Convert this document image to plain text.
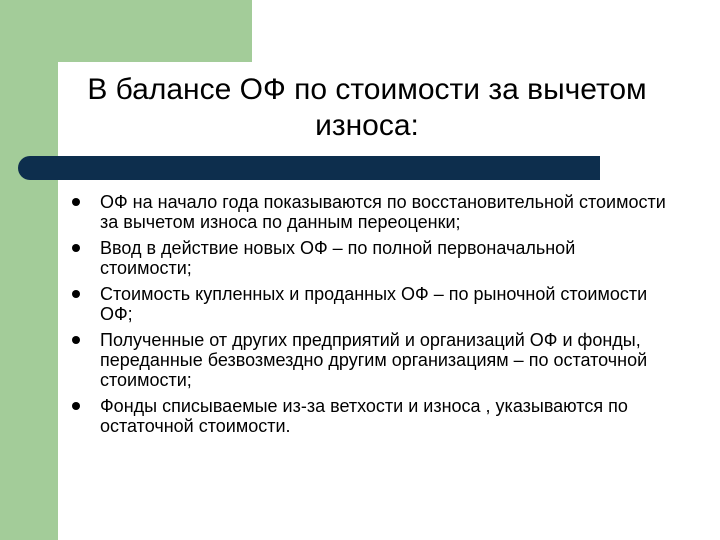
В балансе ОФ по стоимости за вычетом
износа:
ОФ на начало года показываются по восстановительной стоимости за вычетом износа по данным переоценки;
Ввод в действие новых ОФ – по полной первоначальной стоимости;
Стоимость купленных и проданных ОФ – по рыночной стоимости ОФ;
Полученные от других предприятий и организаций ОФ и фонды, переданные безвозмездно другим организациям – по остаточной стоимости;
Фонды списываемые из-за ветхости и износа , указываются по остаточной стоимости.
